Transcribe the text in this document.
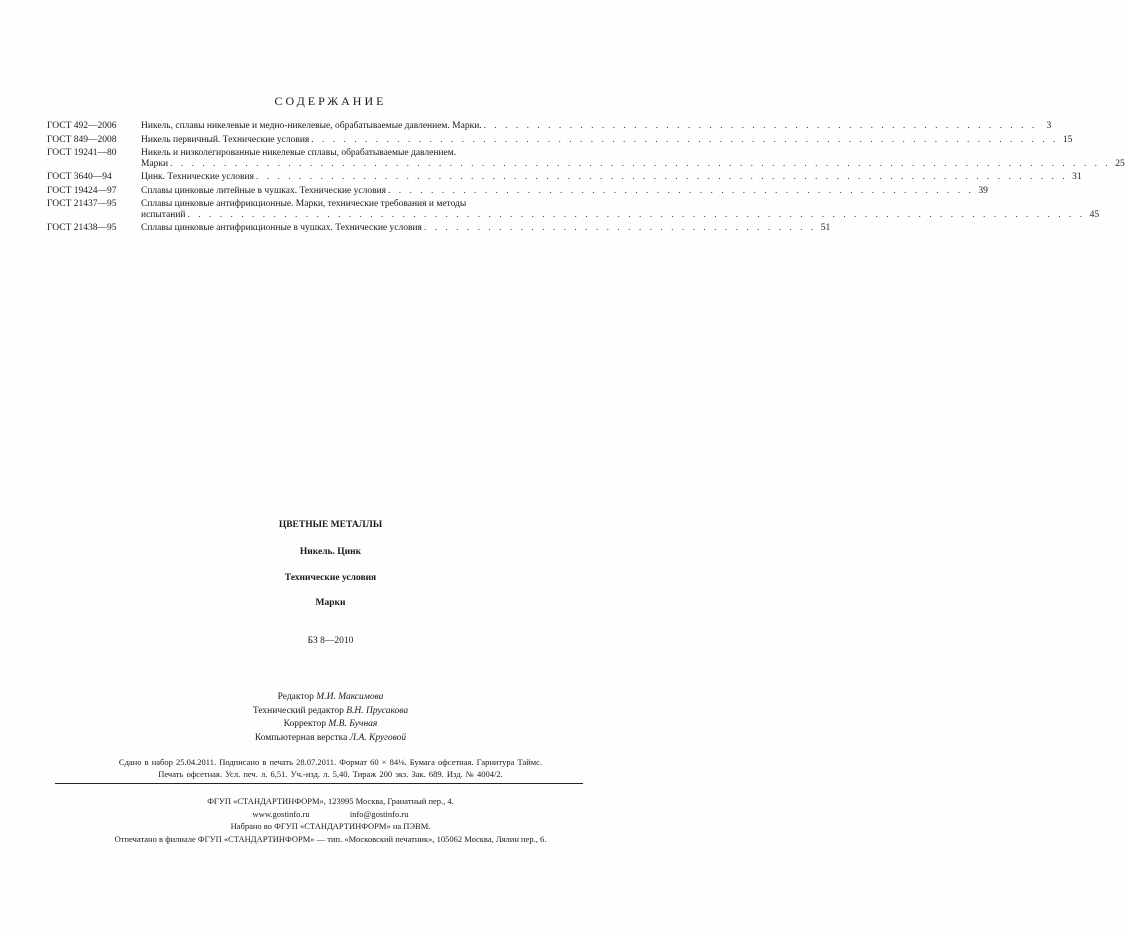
СОДЕРЖАНИЕ
ГОСТ 492—2006	Никель, сплавы никелевые и медно-никелевые, обрабатываемые давлением. Марки. . . . . . . . . . . . . . . . . . . . . . . . . . . . . . . . . . . . . . . . . . . . . . . . . . . . . 3
ГОСТ 849—2008	Никель первичный. Технические условия . . . . . . . . . . . . . . . . . . . . . . . . . . . . . . . . . . . . . . . . . . . . . . . . . . . . . . . . . . . . . . . . . . . . . . 15
ГОСТ 19241—80	Никель и низколегированные никелевые сплавы, обрабатываемые давлением.
Марки . . . . . . . . . . . . . . . . . . . . . . . . . . . . . . . . . . . . . . . . . . . . . . . . . . . . . . . . . . . . . . . . . . . . . . . . . . . . . . . . . . . . . . . . 25
ГОСТ 3640—94	Цинк. Технические условия . . . . . . . . . . . . . . . . . . . . . . . . . . . . . . . . . . . . . . . . . . . . . . . . . . . . . . . . . . . . . . . . . . . . . . . . . . . . 31
ГОСТ 19424—97	Сплавы цинковые литейные в чушках. Технические условия . . . . . . . . . . . . . . . . . . . . . . . . . . . . . . . . . . . . . . . . . . . . . . . . . . . . . . . 39
ГОСТ 21437—95	Сплавы цинковые антифрикционные. Марки, технические требования и методы
испытаний . . . . . . . . . . . . . . . . . . . . . . . . . . . . . . . . . . . . . . . . . . . . . . . . . . . . . . . . . . . . . . . . . . . . . . . . . . . . . . . . . . . . 45
ГОСТ 21438—95	Сплавы цинковые антифрикционные в чушках. Технические условия . . . . . . . . . . . . . . . . . . . . . . . . . . . . . . . . . . . . . 51
ЦВЕТНЫЕ МЕТАЛЛЫ
Никель. Цинк
Технические условия
Марки
БЗ 8—2010
Редактор М.И. Максимова
Технический редактор В.Н. Прусакова
Корректор М.В. Бучная
Компьютерная верстка Л.А. Круговой
Сдано в набор 25.04.2011. Подписано в печать 28.07.2011. Формат 60 × 84⅛. Бумага офсетная. Гарнитура Таймс.
Печать офсетная. Усл. печ. л. 6,51. Уч.-изд. л. 5,40. Тираж 200 экз. Зак. 689. Изд. № 4004/2.
ФГУП «СТАНДАРТИНФОРМ», 123995 Москва, Гранатный пер., 4.
www.gostinfo.ru	info@gostinfo.ru
Набрано во ФГУП «СТАНДАРТИНФОРМ» на ПЭВМ.
Отпечатано в филиале ФГУП «СТАНДАРТИНФОРМ» — тип. «Московский печатник», 105062 Москва, Лялин пер., 6.
